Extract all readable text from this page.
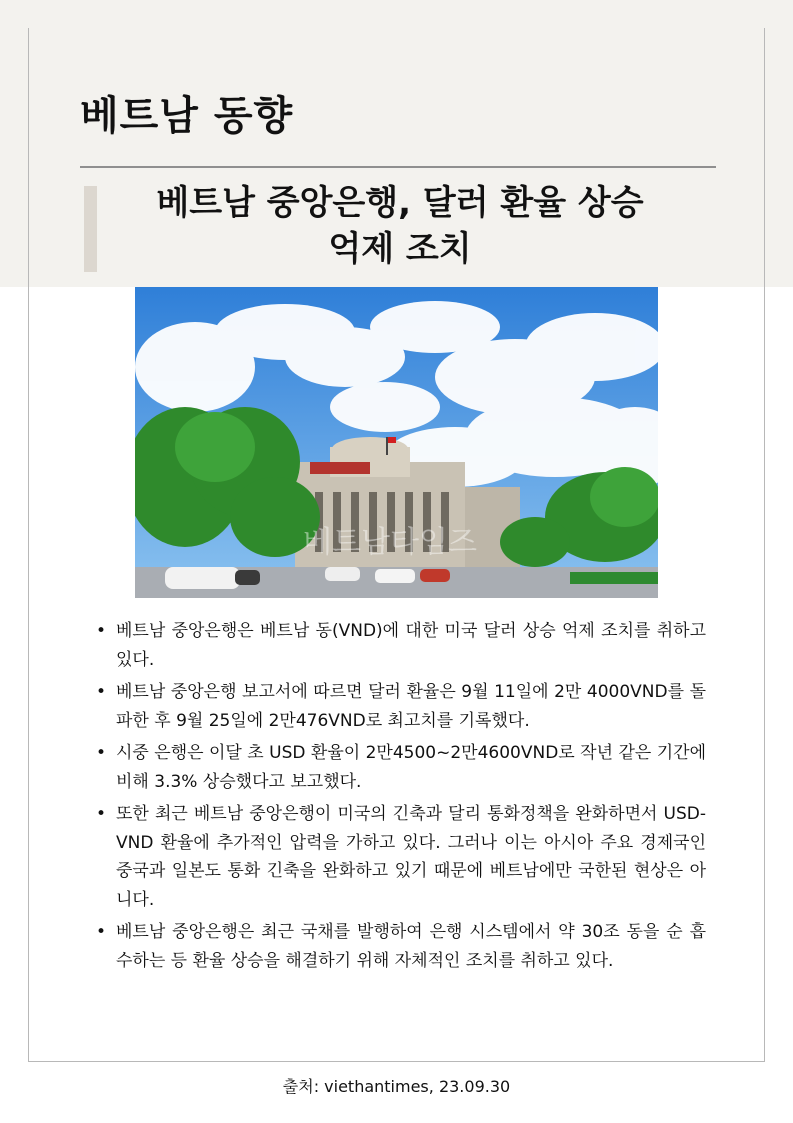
베트남 동향
베트남 중앙은행, 달러 환율 상승
억제 조치
베트남타임즈
• 베트남 중앙은행은 베트남 동(VND)에 대한 미국 달러 상승 억제 조치를 취하고 있다.
• 베트남 중앙은행 보고서에 따르면 달러 환율은 9월 11일에 2만 4000VND를 돌파한 후 9월 25일에 2만476VND로 최고치를 기록했다.
• 시중 은행은 이달 초 USD 환율이 2만4500~2만4600VND로 작년 같은 기간에 비해 3.3% 상승했다고 보고했다.
• 또한 최근 베트남 중앙은행이 미국의 긴축과 달리 통화정책을 완화하면서 USD-VND 환율에 추가적인 압력을 가하고 있다. 그러나 이는 아시아 주요 경제국인 중국과 일본도 통화 긴축을 완화하고 있기 때문에 베트남에만 국한된 현상은 아니다.
• 베트남 중앙은행은 최근 국채를 발행하여 은행 시스템에서 약 30조 동을 순 흡수하는 등 환율 상승을 해결하기 위해 자체적인 조치를 취하고 있다.
출처: viethantimes, 23.09.30
